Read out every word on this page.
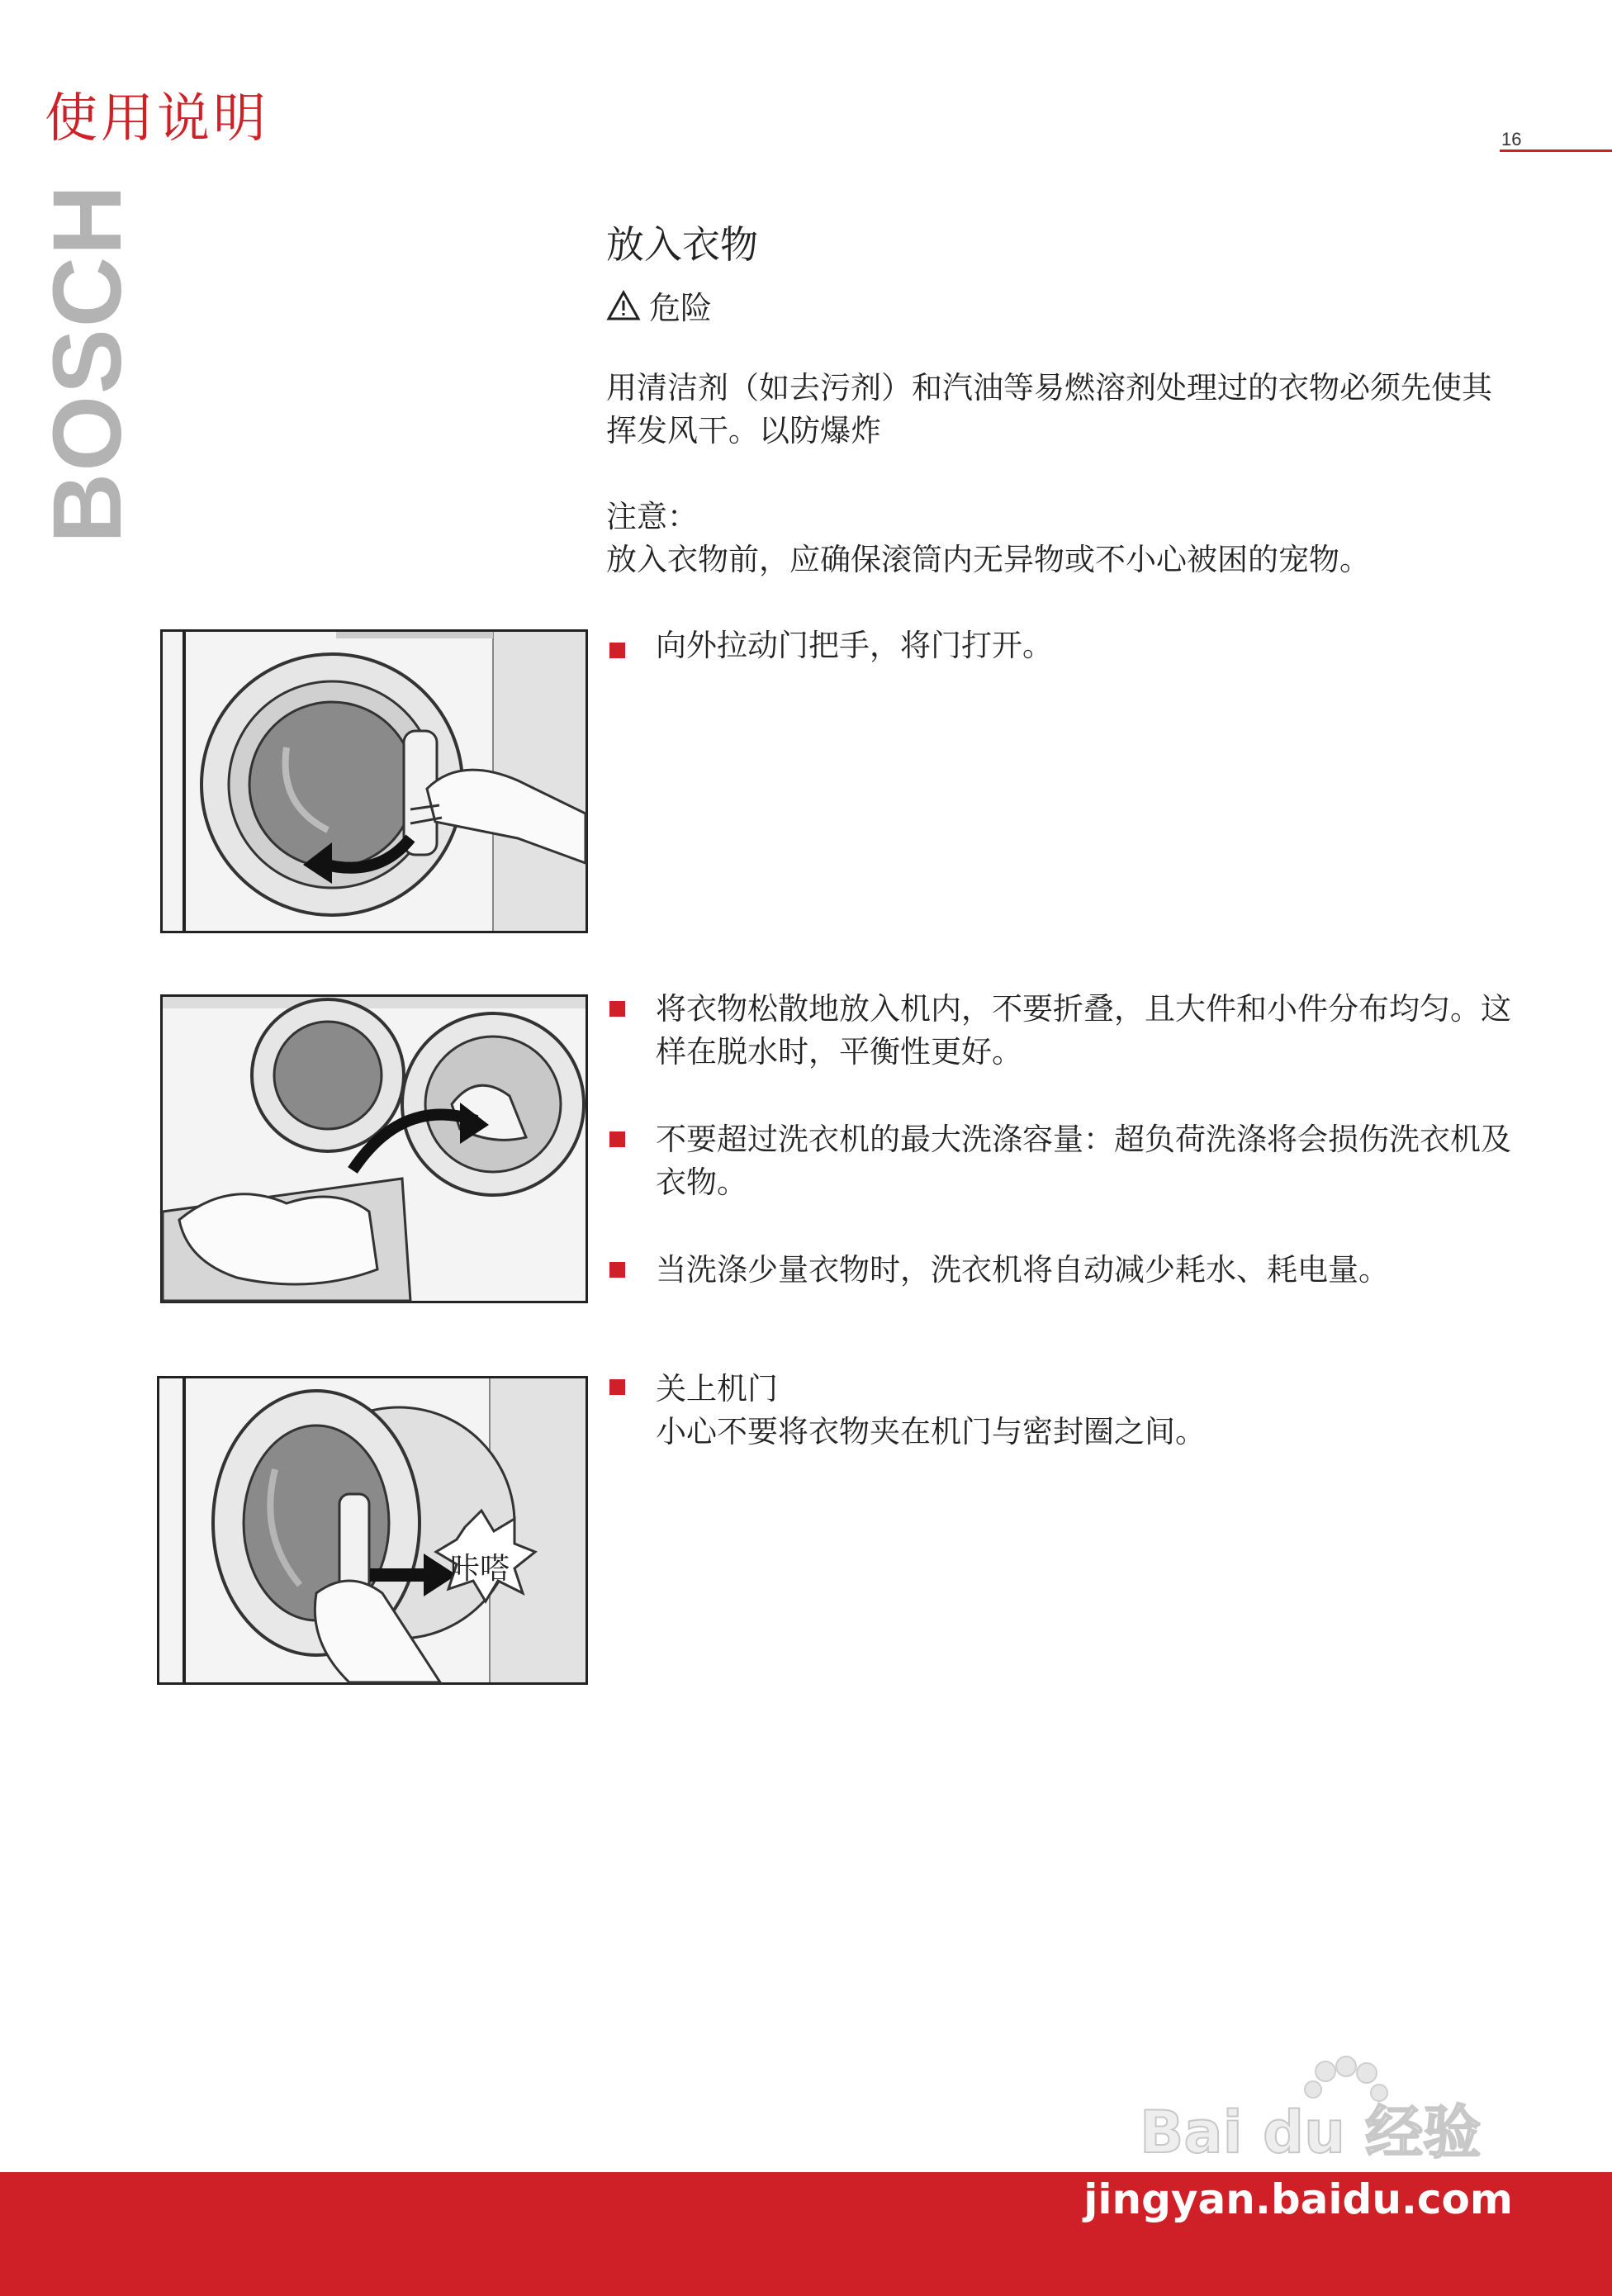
使用说明	16
BOSCH	放入衣物
危险
用清洁剂（如去污剂）和汽油等易燃溶剂处理过的衣物必须先使其挥发风干。以防爆炸
注意：
放入衣物前，应确保滚筒内无异物或不小心被困的宠物。
向外拉动门把手，将门打开。
将衣物松散地放入机内，不要折叠，且大件和小件分布均匀。这样在脱水时，平衡性更好。
不要超过洗衣机的最大洗涤容量：超负荷洗涤将会损伤洗衣机及衣物。
当洗涤少量衣物时，洗衣机将自动减少耗水、耗电量。
咔嗒
关上机门
小心不要将衣物夹在机门与密封圈之间。
Bai du 经验
jingyan.baidu.com
